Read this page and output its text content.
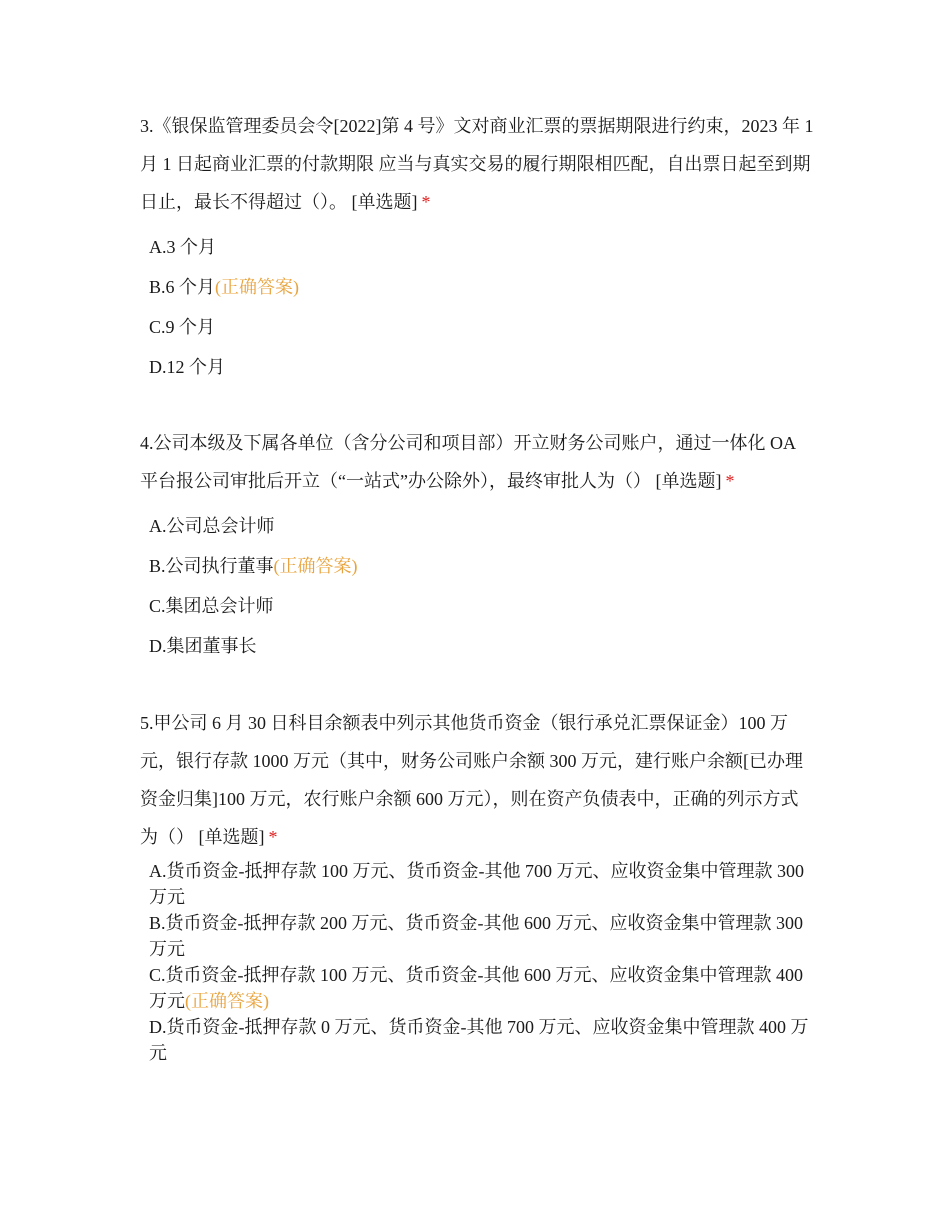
3.《银保监管理委员会令[2022]第 4 号》文对商业汇票的票据期限进行约束，2023 年 1 月 1 日起商业汇票的付款期限 应当与真实交易的履行期限相匹配，自出票日起至到期日止，最长不得超过（）。 [单选题] *

A.3 个月
B.6 个月(正确答案)
C.9 个月
D.12 个月

4.公司本级及下属各单位（含分公司和项目部）开立财务公司账户，通过一体化 OA 平台报公司审批后开立（“一站式”办公除外），最终审批人为（） [单选题] *

A.公司总会计师
B.公司执行董事(正确答案)
C.集团总会计师
D.集团董事长

5.甲公司 6 月 30 日科目余额表中列示其他货币资金（银行承兑汇票保证金）100 万元，银行存款 1000 万元（其中，财务公司账户余额 300 万元，建行账户余额[已办理资金归集]100 万元，农行账户余额 600 万元），则在资产负债表中，正确的列示方式为（） [单选题] *

A.货币资金-抵押存款 100 万元、货币资金-其他 700 万元、应收资金集中管理款 300 万元
B.货币资金-抵押存款 200 万元、货币资金-其他 600 万元、应收资金集中管理款 300 万元
C.货币资金-抵押存款 100 万元、货币资金-其他 600 万元、应收资金集中管理款 400 万元(正确答案)
D.货币资金-抵押存款 0 万元、货币资金-其他 700 万元、应收资金集中管理款 400 万元
